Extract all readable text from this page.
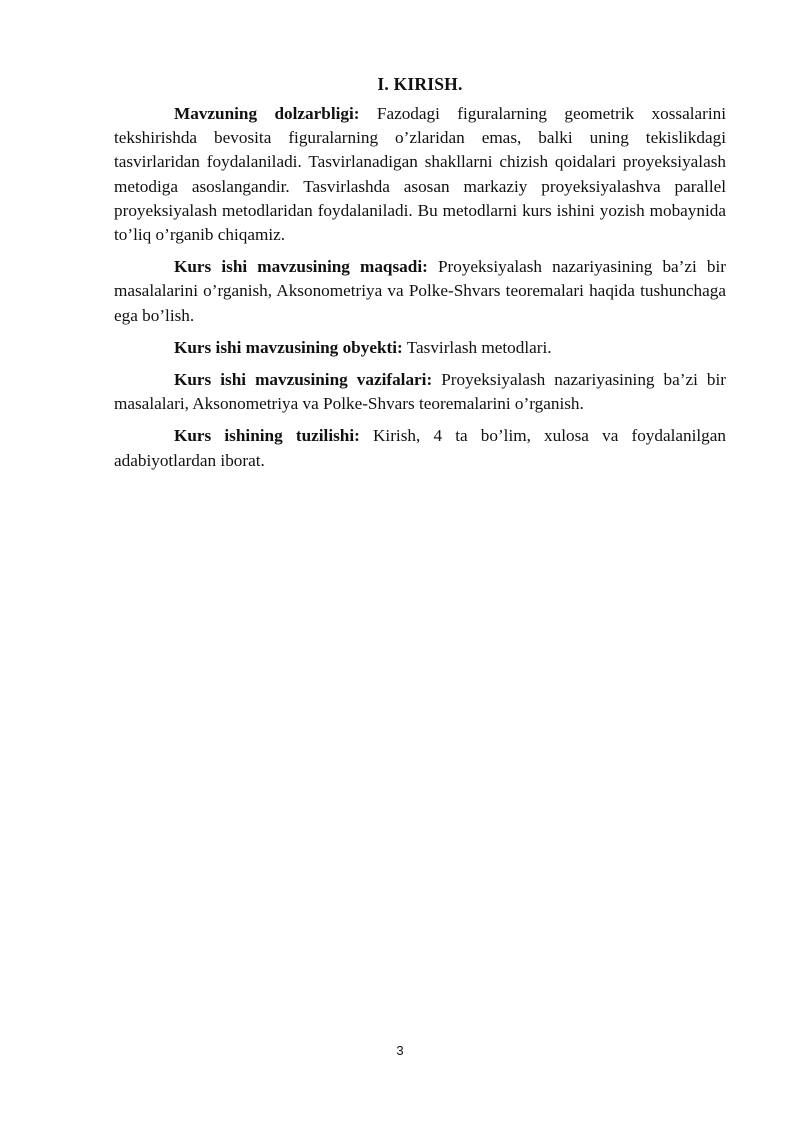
I. KIRISH.

Mavzuning dolzarbligi: Fazodagi figuralarning geometrik xossalarini tekshirishda bevosita figuralarning o’zlaridan emas, balki uning tekislikdagi tasvirlaridan foydalaniladi. Tasvirlanadigan shakllarni chizish qoidalari proyeksiyalash metodiga asoslangandir. Tasvirlashda asosan markaziy proyeksiyalashva parallel proyeksiyalash metodlaridan foydalaniladi. Bu metodlarni kurs ishini yozish mobaynida to’liq o’rganib chiqamiz.

Kurs ishi mavzusining maqsadi: Proyeksiyalash nazariyasining ba’zi bir masalalarini o’rganish, Aksonometriya va Polke-Shvars teoremalari haqida tushunchaga ega bo’lish.

Kurs ishi mavzusining obyekti: Tasvirlash metodlari.

Kurs ishi mavzusining vazifalari: Proyeksiyalash nazariyasining ba’zi bir masalalari, Aksonometriya va Polke-Shvars teoremalarini o’rganish.

Kurs ishining tuzilishi: Kirish, 4 ta bo’lim, xulosa va foydalanilgan adabiyotlardan iborat.

3
